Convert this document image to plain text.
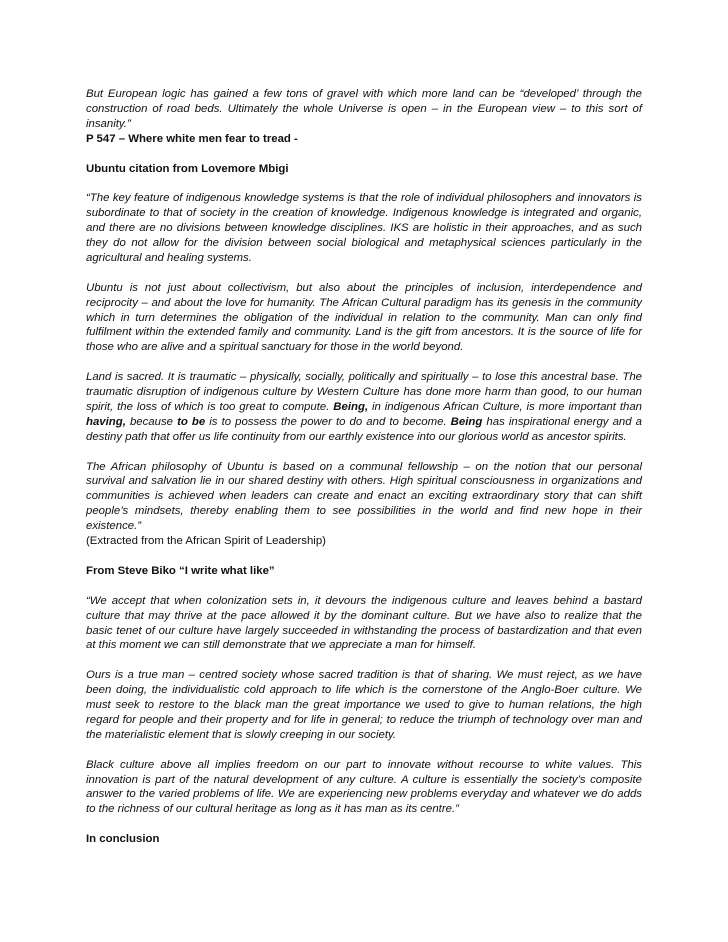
But European logic has gained a few tons of gravel with which more land can be “developed’ through the construction of road beds. Ultimately the whole Universe is open – in the European view – to this sort of insanity.”

P 547 – Where white men fear to tread -

Ubuntu citation from Lovemore Mbigi

“The key feature of indigenous knowledge systems is that the role of individual philosophers and innovators is subordinate to that of society in the creation of knowledge. Indigenous knowledge is integrated and organic, and there are no divisions between knowledge disciplines. IKS are holistic in their approaches, and as such they do not allow for the division between social biological and metaphysical sciences particularly in the agricultural and healing systems.

Ubuntu is not just about collectivism, but also about the principles of inclusion, interdependence and reciprocity – and about the love for humanity. The African Cultural paradigm has its genesis in the community which in turn determines the obligation of the individual in relation to the community. Man can only find fulfilment within the extended family and community. Land is the gift from ancestors. It is the source of life for those who are alive and a spiritual sanctuary for those in the world beyond.

Land is sacred. It is traumatic – physically, socially, politically and spiritually – to lose this ancestral base. The traumatic disruption of indigenous culture by Western Culture has done more harm than good, to our human spirit, the loss of which is too great to compute. Being, in indigenous African Culture, is more important than having, because to be is to possess the power to do and to become. Being has inspirational energy and a destiny path that offer us life continuity from our earthly existence into our glorious world as ancestor spirits.

The African philosophy of Ubuntu is based on a communal fellowship – on the notion that our personal survival and salvation lie in our shared destiny with others. High spiritual consciousness in organizations and communities is achieved when leaders can create and enact an exciting extraordinary story that can shift people’s mindsets, thereby enabling them to see possibilities in the world and find new hope in their existence.”

(Extracted from the African Spirit of Leadership)

From Steve Biko “I write what like”

“We accept that when colonization sets in, it devours the indigenous culture and leaves behind a bastard culture that may thrive at the pace allowed it by the dominant culture. But we have also to realize that the basic tenet of our culture have largely succeeded in withstanding the process of bastardization and that even at this moment we can still demonstrate that we appreciate a man for himself.

Ours is a true man – centred society whose sacred tradition is that of sharing. We must reject, as we have been doing, the individualistic cold approach to life which is the cornerstone of the Anglo-Boer culture. We must seek to restore to the black man the great importance we used to give to human relations, the high regard for people and their property and for life in general; to reduce the triumph of technology over man and the materialistic element that is slowly creeping in our society.

Black culture above all implies freedom on our part to innovate without recourse to white values. This innovation is part of the natural development of any culture. A culture is essentially the society’s composite answer to the varied problems of life. We are experiencing new problems everyday and whatever we do adds to the richness of our cultural heritage as long as it has man as its centre.”

In conclusion
